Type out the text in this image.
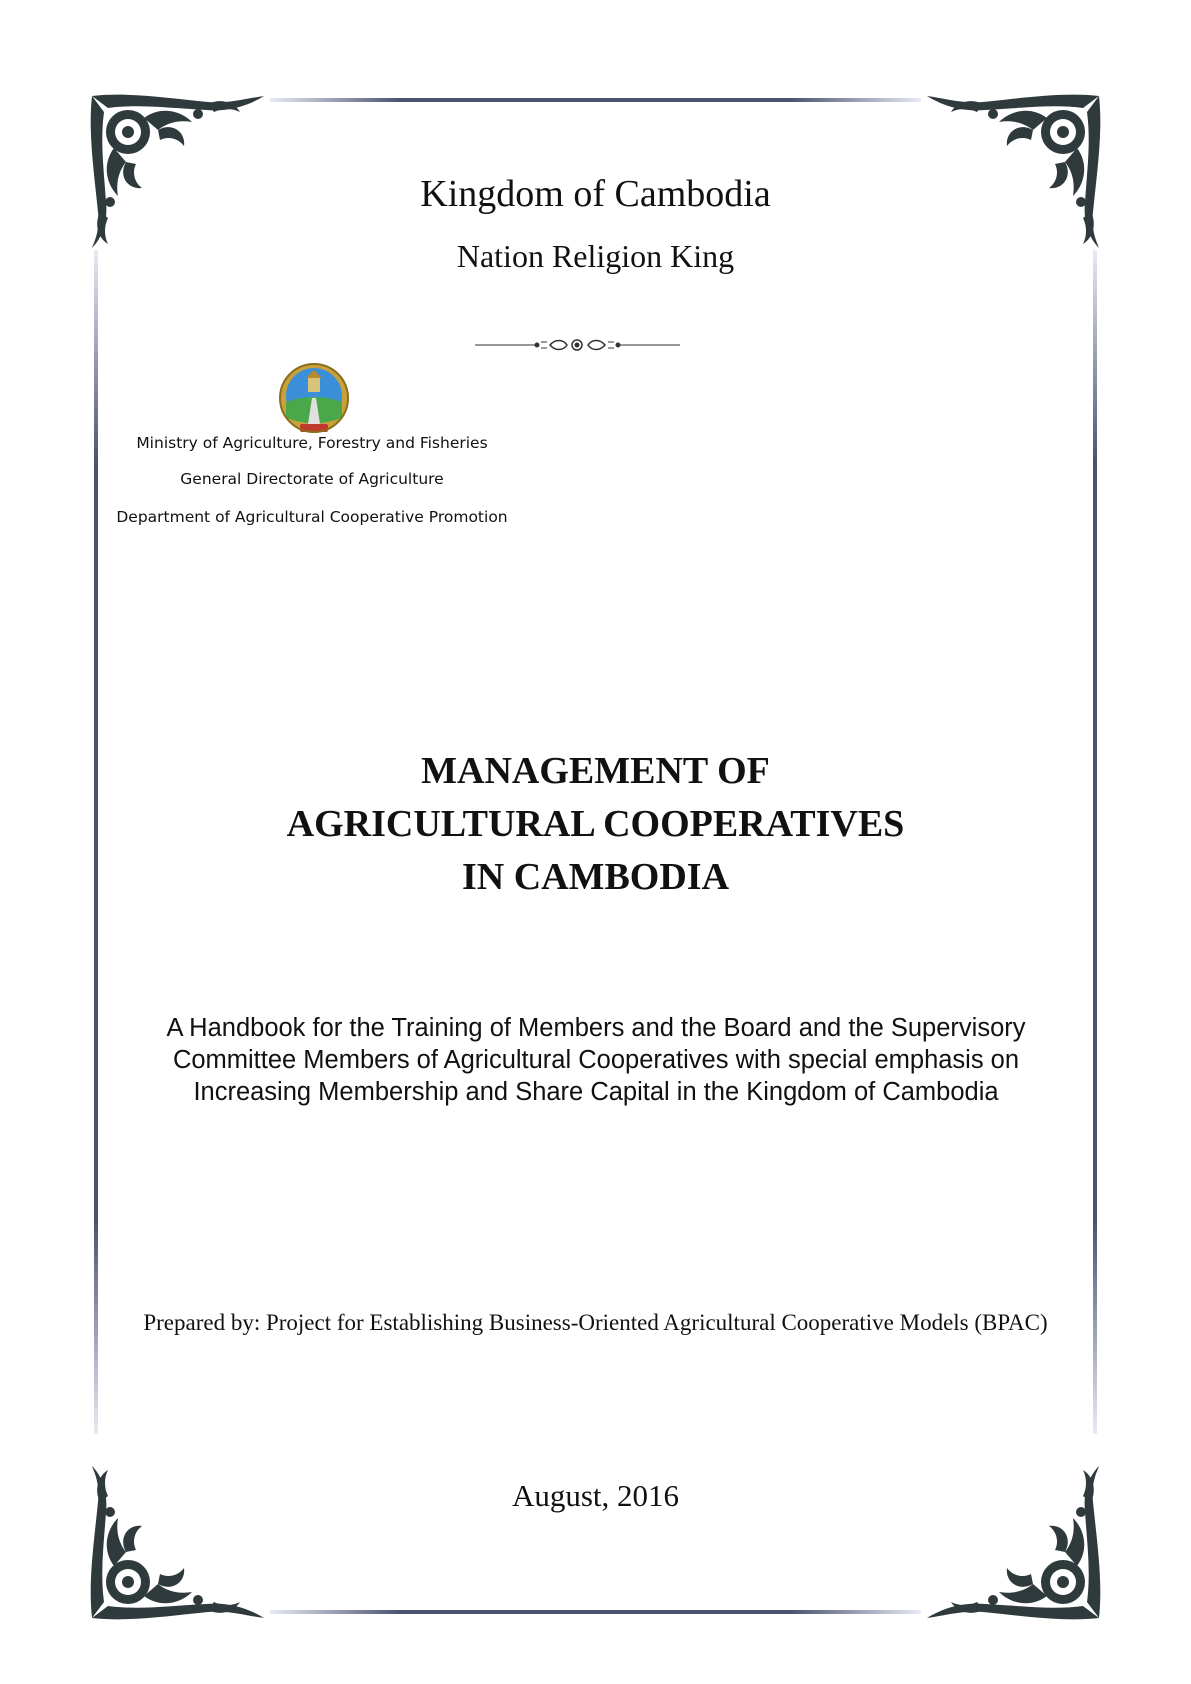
Kingdom of Cambodia
Nation Religion King
Ministry of Agriculture, Forestry and Fisheries
General Directorate of Agriculture
Department of Agricultural Cooperative Promotion
MANAGEMENT OF
AGRICULTURAL COOPERATIVES
IN CAMBODIA
A Handbook for the Training of Members and the Board and the Supervisory Committee Members of Agricultural Cooperatives with special emphasis on Increasing Membership and Share Capital in the Kingdom of Cambodia
Prepared by: Project for Establishing Business-Oriented Agricultural Cooperative Models (BPAC)
August, 2016
